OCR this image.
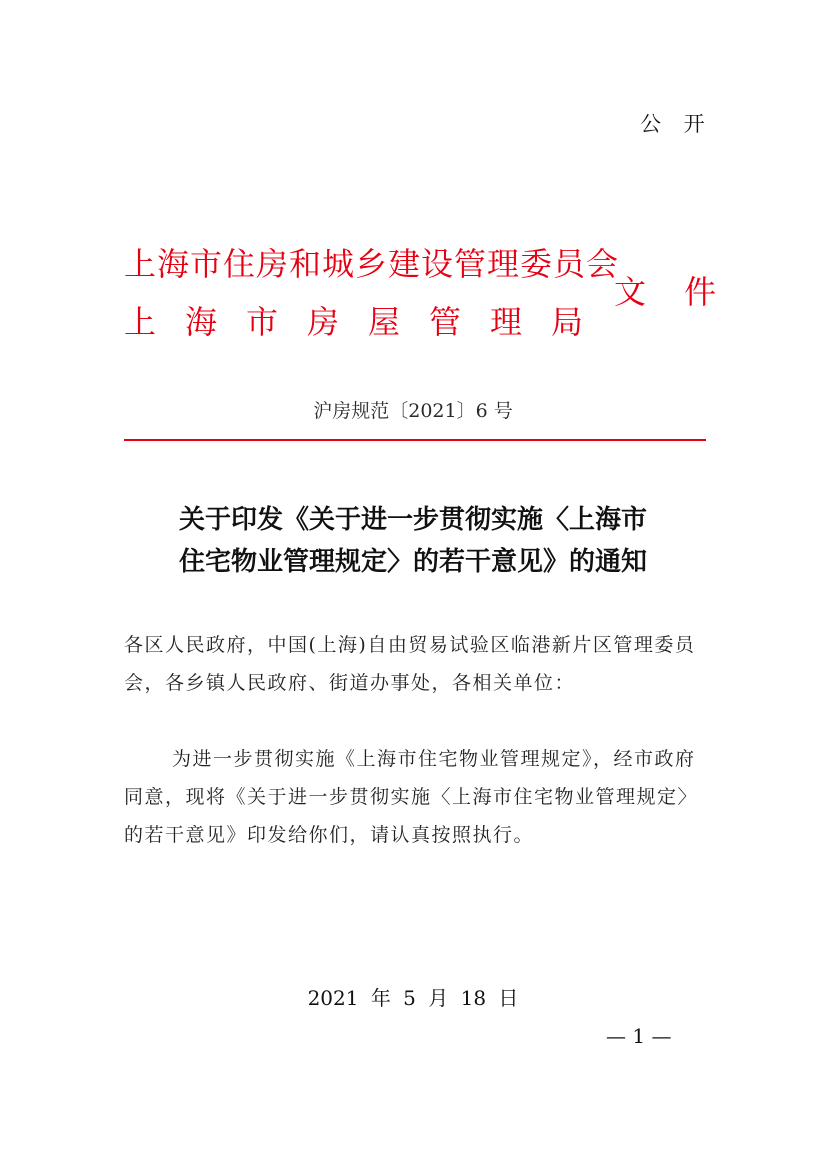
公 开
上海市住房和城乡建设管理委员会
上 海 市 房 屋 管 理 局
文 件
沪房规范〔2021〕6 号
关于印发《关于进一步贯彻实施〈上海市
住宅物业管理规定〉的若干意见》的通知
各区人民政府，中国(上海)自由贸易试验区临港新片区管理委员会，各乡镇人民政府、街道办事处，各相关单位：
为进一步贯彻实施《上海市住宅物业管理规定》，经市政府同意，现将《关于进一步贯彻实施〈上海市住宅物业管理规定〉的若干意见》印发给你们，请认真按照执行。
2021 年 5 月 18 日
— 1 —
